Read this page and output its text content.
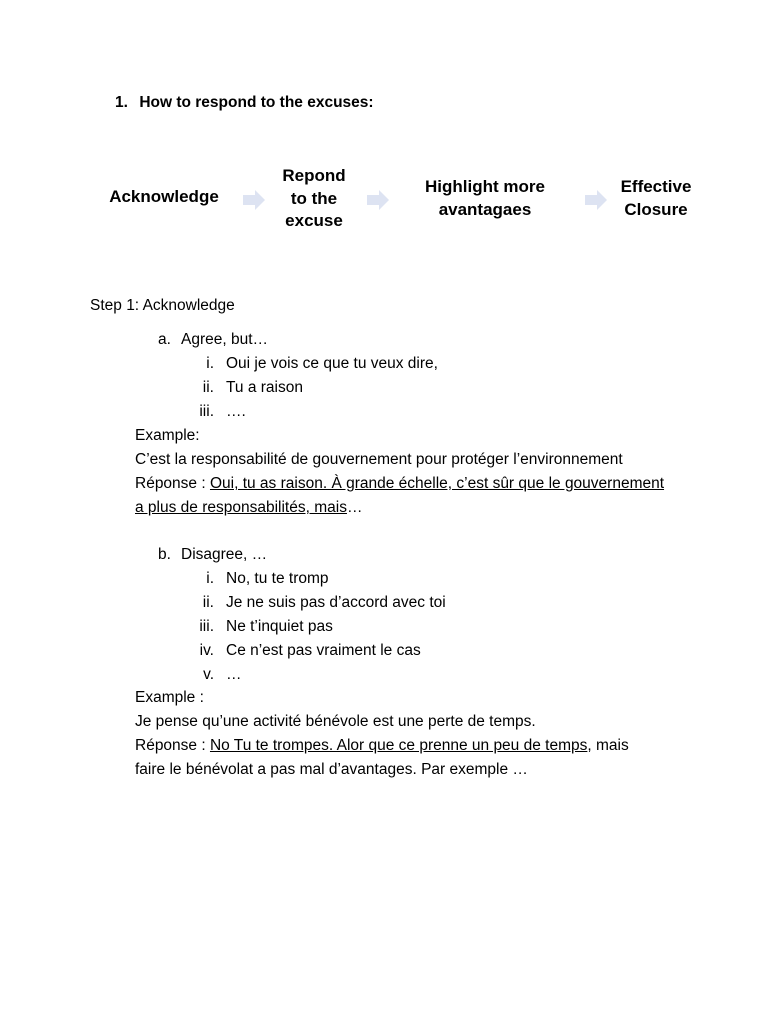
1. How to respond to the excuses:
Acknowledge
Repond to the excuse
Highlight more avantagaes
Effective Closure
Step 1: Acknowledge
a. Agree, but…
i. Oui je vois ce que tu veux dire,
ii. Tu a raison
iii. ….
Example:
C’est la responsabilité de gouvernement pour protéger l’environnement
Réponse : Oui, tu as raison. À grande échelle, c’est sûr que le gouvernement
a plus de responsabilités, mais…
b. Disagree, …
i. No, tu te tromp
ii. Je ne suis pas d’accord avec toi
iii. Ne t’inquiet pas
iv. Ce n’est pas vraiment le cas
v. …
Example :
Je pense qu’une activité bénévole est une perte de temps.
Réponse : No Tu te trompes. Alor que ce prenne un peu de temps, mais
faire le bénévolat a pas mal d’avantages. Par exemple …
